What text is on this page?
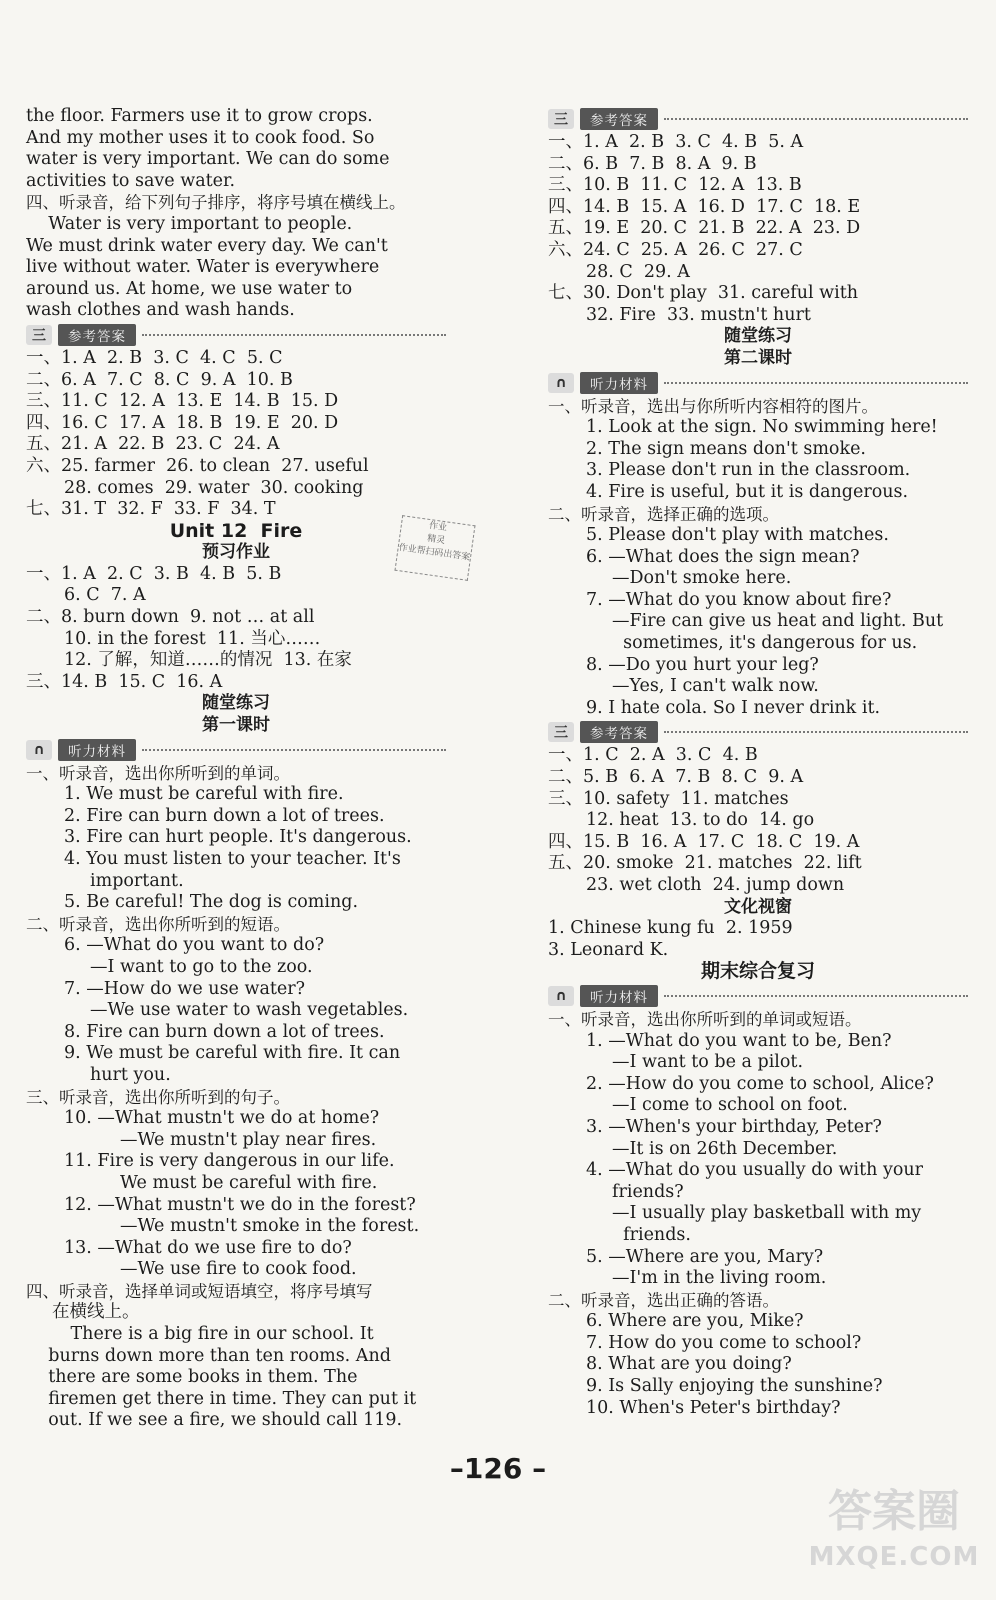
the floor. Farmers use it to grow crops.
And my mother uses it to cook food. So
water is very important. We can do some
activities to save water.
四、听录音，给下列句子排序，将序号填在横线上。
Water is very important to people.
We must drink water every day. We can't
live without water. Water is everywhere
around us. At home, we use water to
wash clothes and wash hands.
三	参考答案
一、1. A  2. B  3. C  4. C  5. C
二、6. A  7. C  8. C  9. A  10. B
三、11. C  12. A  13. E  14. B  15. D
四、16. C  17. A  18. B  19. E  20. D
五、21. A  22. B  23. C  24. A
六、25. farmer  26. to clean  27. useful
28. comes  29. water  30. cooking
七、31. T  32. F  33. F  34. T
Unit 12  Fire
预习作业
一、1. A  2. C  3. B  4. B  5. B
6. C  7. A
二、8. burn down  9. not … at all
10. in the forest  11. 当心……
12. 了解，知道……的情况  13. 在家
三、14. B  15. C  16. A
随堂练习
第一课时
∩	听力材料
一、听录音，选出你所听到的单词。
1. We must be careful with fire.
2. Fire can burn down a lot of trees.
3. Fire can hurt people. It's dangerous.
4. You must listen to your teacher. It's
important.
5. Be careful! The dog is coming.
二、听录音，选出你所听到的短语。
6. —What do you want to do?
—I want to go to the zoo.
7. —How do we use water?
—We use water to wash vegetables.
8. Fire can burn down a lot of trees.
9. We must be careful with fire. It can
hurt you.
三、听录音，选出你所听到的句子。
10. —What mustn't we do at home?
—We mustn't play near fires.
11. Fire is very dangerous in our life.
We must be careful with fire.
12. —What mustn't we do in the forest?
—We mustn't smoke in the forest.
13. —What do we use fire to do?
—We use fire to cook food.
四、听录音，选择单词或短语填空，将序号填写
在横线上。
There is a big fire in our school. It
burns down more than ten rooms. And
there are some books in them. The
firemen get there in time. They can put it
out. If we see a fire, we should call 119.
三	参考答案
一、1. A  2. B  3. C  4. B  5. A
二、6. B  7. B  8. A  9. B
三、10. B  11. C  12. A  13. B
四、14. B  15. A  16. D  17. C  18. E
五、19. E  20. C  21. B  22. A  23. D
六、24. C  25. A  26. C  27. C
28. C  29. A
七、30. Don't play  31. careful with
32. Fire  33. mustn't hurt
随堂练习
第二课时
∩	听力材料
一、听录音，选出与你所听内容相符的图片。
1. Look at the sign. No swimming here!
2. The sign means don't smoke.
3. Please don't run in the classroom.
4. Fire is useful, but it is dangerous.
二、听录音，选择正确的选项。
5. Please don't play with matches.
6. —What does the sign mean?
—Don't smoke here.
7. —What do you know about fire?
—Fire can give us heat and light. But
sometimes, it's dangerous for us.
8. —Do you hurt your leg?
—Yes, I can't walk now.
9. I hate cola. So I never drink it.
三	参考答案
一、1. C  2. A  3. C  4. B
二、5. B  6. A  7. B  8. C  9. A
三、10. safety  11. matches
12. heat  13. to do  14. go
四、15. B  16. A  17. C  18. C  19. A
五、20. smoke  21. matches  22. lift
23. wet cloth  24. jump down
文化视窗
1. Chinese kung fu  2. 1959
3. Leonard K.
期末综合复习
∩	听力材料
一、听录音，选出你所听到的单词或短语。
1. —What do you want to be, Ben?
—I want to be a pilot.
2. —How do you come to school, Alice?
—I come to school on foot.
3. —When's your birthday, Peter?
—It is on 26th December.
4. —What do you usually do with your
friends?
—I usually play basketball with my
friends.
5. —Where are you, Mary?
—I'm in the living room.
二、听录音，选出正确的答语。
6. Where are you, Mike?
7. How do you come to school?
8. What are you doing?
9. Is Sally enjoying the sunshine?
10. When's Peter's birthday?
作业
精灵
作业帮扫码出答案
–126 –
答案圈
MXQE.COM
